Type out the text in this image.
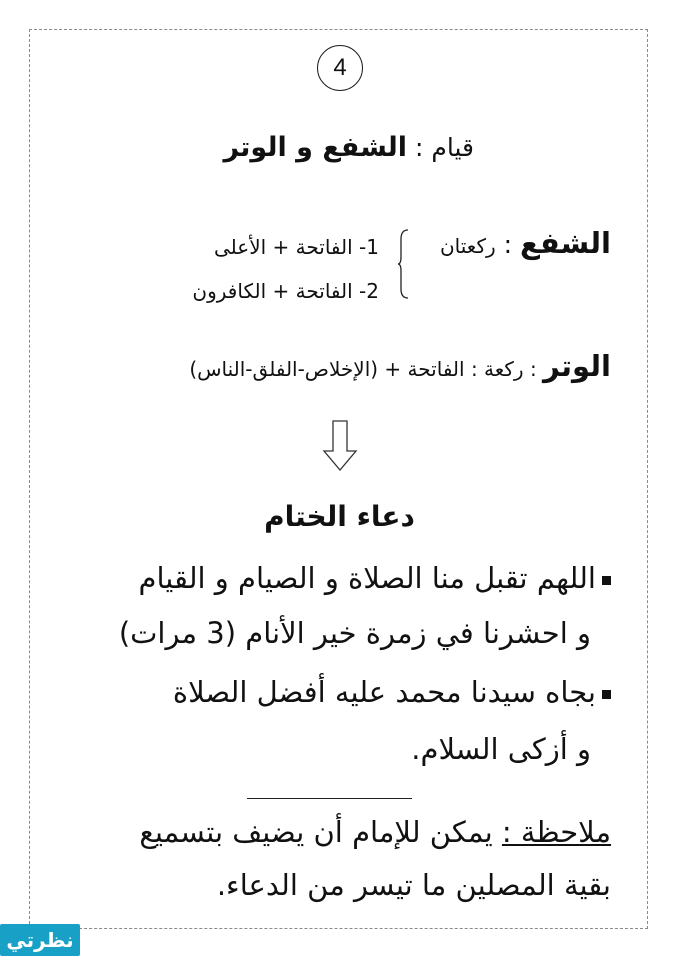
4
قيام : الشفع و الوتر
الشفع : ركعتان
1- الفاتحة + الأعلى
2- الفاتحة + الكافرون
الوتر : ركعة : الفاتحة + (الإخلاص-الفلق-الناس)
دعاء الختام
اللهم تقبل منا الصلاة و الصيام و القيام
و احشرنا في زمرة خير الأنام (3 مرات)
بجاه سيدنا محمد عليه أفضل الصلاة
و أزكى السلام.
ملاحظة : يمكن للإمام أن يضيف بتسميع
بقية المصلين ما تيسر من الدعاء.
نظرتي
